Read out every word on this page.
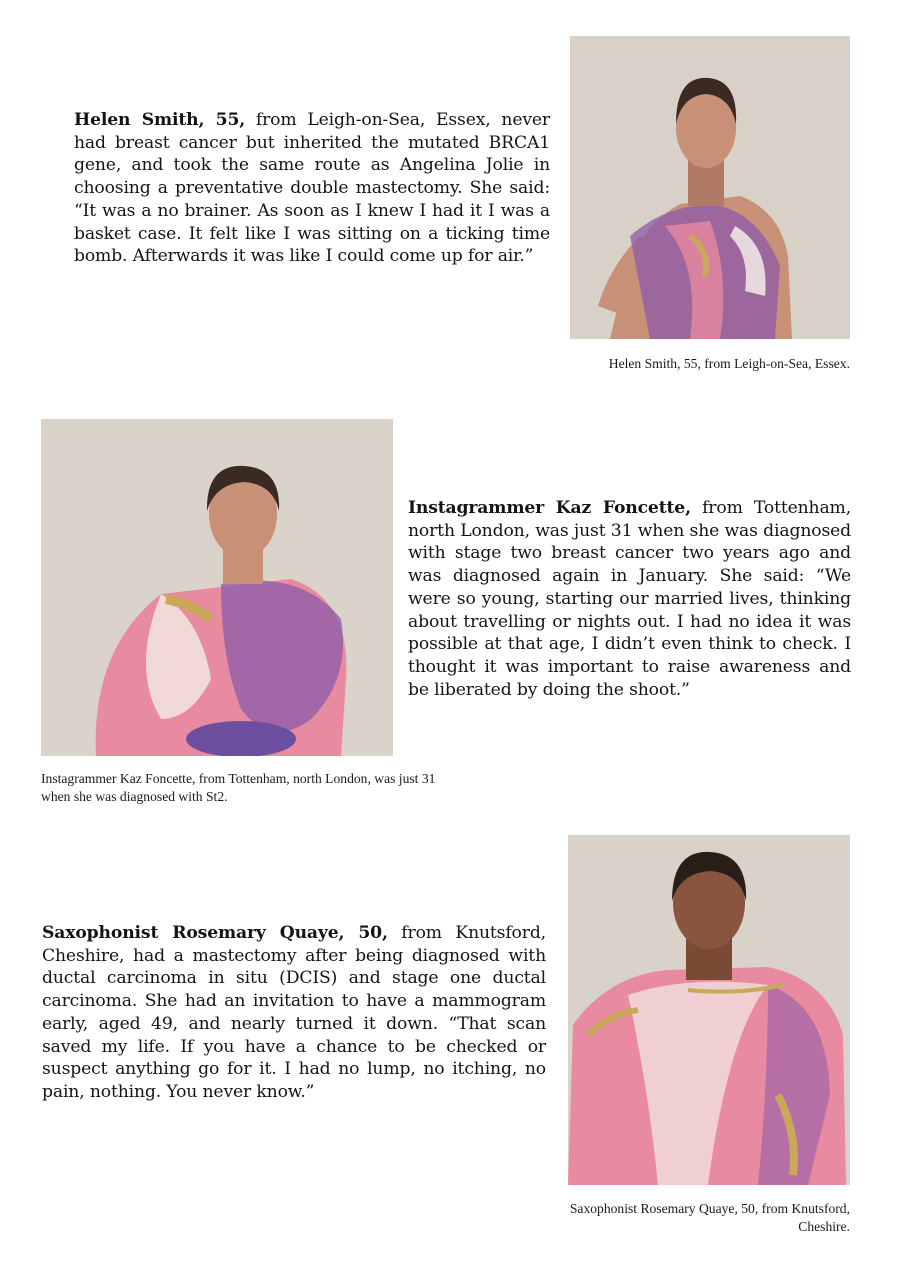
Helen Smith, 55, from Leigh-on-Sea, Essex, never had breast cancer but inherited the mutated BRCA1 gene, and took the same route as Angelina Jolie in choosing a preventative double mastectomy. She said: “It was a no brainer. As soon as I knew I had it I was a basket case. It felt like I was sitting on a ticking time bomb. Afterwards it was like I could come up for air.”

Helen Smith, 55, from Leigh-on-Sea, Essex.

Instagrammer Kaz Foncette, from Tottenham, north London, was just 31 when she was diagnosed with stage two breast cancer two years ago and was diagnosed again in January. She said: “We were so young, starting our married lives, thinking about travelling or nights out. I had no idea it was possible at that age, I didn’t even think to check. I thought it was important to raise awareness and be liberated by doing the shoot.”

Instagrammer Kaz Foncette, from Tottenham, north London, was just 31 when she was diagnosed with St2.

Saxophonist Rosemary Quaye, 50, from Knutsford, Cheshire, had a mastectomy after being diagnosed with ductal carcinoma in situ (DCIS) and stage one ductal carcinoma. She had an invitation to have a mammogram early, aged 49, and nearly turned it down. “That scan saved my life. If you have a chance to be checked or suspect anything go for it. I had no lump, no itching, no pain, nothing. You never know.”

Saxophonist Rosemary Quaye, 50, from Knutsford, Cheshire.
